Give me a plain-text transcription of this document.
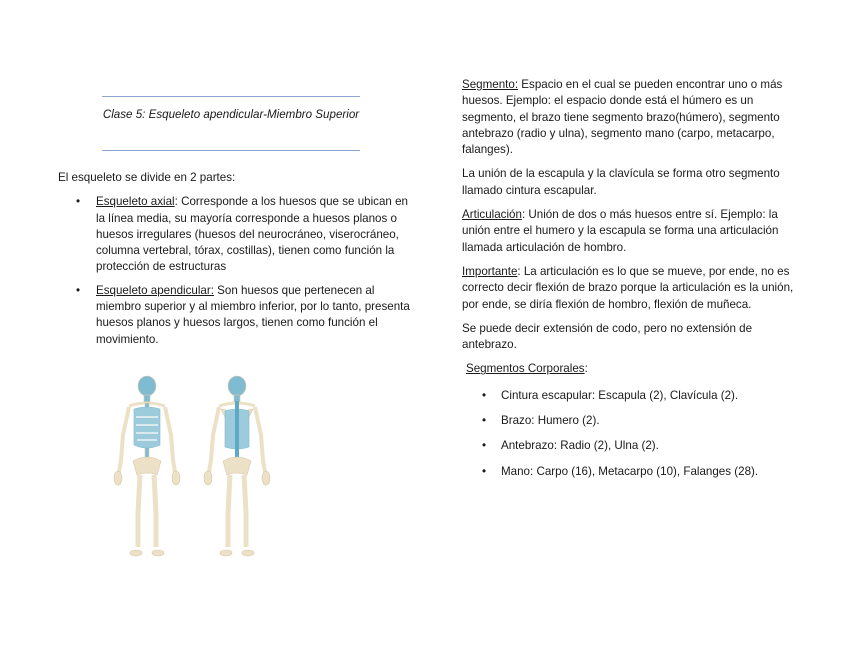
Clase 5: Esqueleto apendicular-Miembro Superior

El esqueleto se divide en 2 partes:

• Esqueleto axial: Corresponde a los huesos que se ubican en la línea media, su mayoría corresponde a huesos planos o huesos irregulares (huesos del neurocráneo, viserocráneo, columna vertebral, tórax, costillas), tienen como función la protección de estructuras
• Esqueleto apendicular: Son huesos que pertenecen al miembro superior y al miembro inferior, por lo tanto, presenta huesos planos y huesos largos, tienen como función el movimiento.

Segmento: Espacio en el cual se pueden encontrar uno o más huesos. Ejemplo: el espacio donde está el húmero es un segmento, el brazo tiene segmento brazo(húmero), segmento antebrazo (radio y ulna), segmento mano (carpo, metacarpo, falanges).

La unión de la escapula y la clavícula se forma otro segmento llamado cintura escapular.

Articulación: Unión de dos o más huesos entre sí. Ejemplo: la unión entre el humero y la escapula se forma una articulación llamada articulación de hombro.

Importante: La articulación es lo que se mueve, por ende, no es correcto decir flexión de brazo porque la articulación es la unión, por ende, se diría flexión de hombro, flexión de muñeca.

Se puede decir extensión de codo, pero no extensión de antebrazo.

Segmentos Corporales:

• Cintura escapular: Escapula (2), Clavícula (2).
• Brazo: Humero (2).
• Antebrazo: Radio (2), Ulna (2).
• Mano: Carpo (16), Metacarpo (10), Falanges (28).
